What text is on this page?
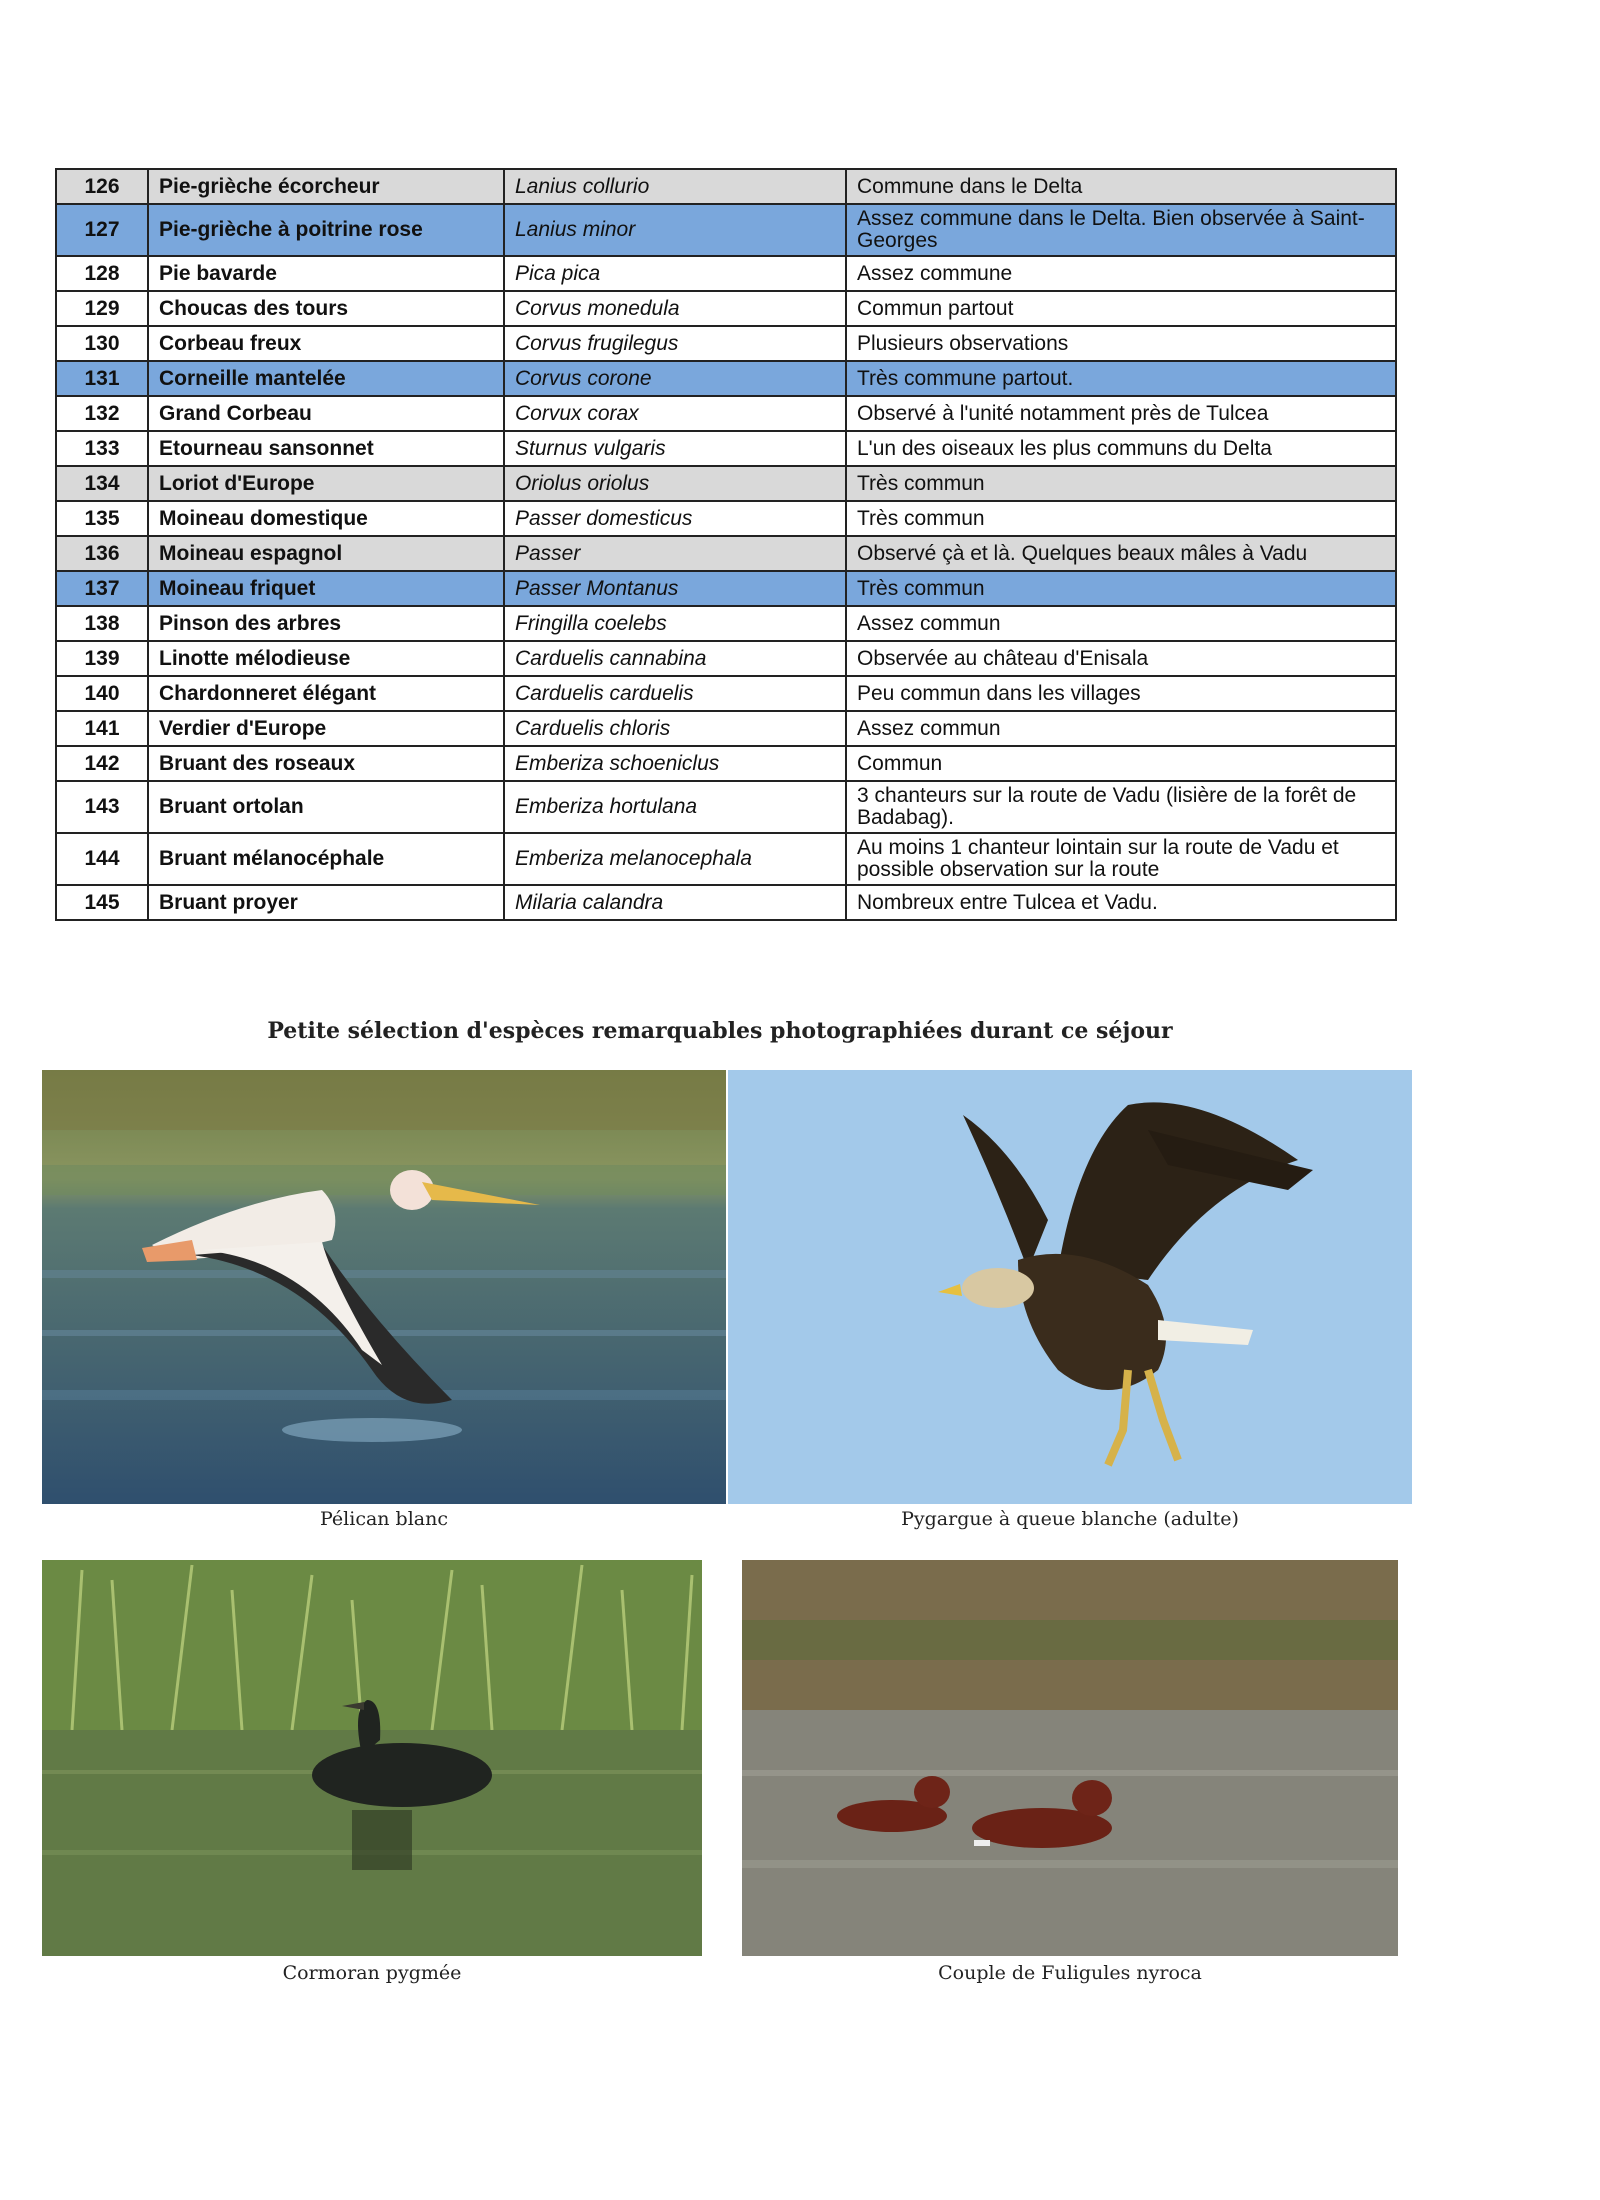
126	Pie-grièche écorcheur	Lanius collurio	Commune dans le Delta
127	Pie-grièche à poitrine rose	Lanius minor	Assez commune dans le Delta. Bien observée à Saint-Georges
128	Pie bavarde	Pica pica	Assez commune
129	Choucas des tours	Corvus monedula	Commun partout
130	Corbeau freux	Corvus frugilegus	Plusieurs observations
131	Corneille mantelée	Corvus corone	Très commune partout.
132	Grand Corbeau	Corvux corax	Observé à l'unité notamment près de Tulcea
133	Etourneau sansonnet	Sturnus vulgaris	L'un des oiseaux les plus communs du Delta
134	Loriot d'Europe	Oriolus oriolus	Très commun
135	Moineau domestique	Passer domesticus	Très commun
136	Moineau espagnol	Passer	Observé çà et là. Quelques beaux mâles à Vadu
137	Moineau friquet	Passer Montanus	Très commun
138	Pinson des arbres	Fringilla coelebs	Assez commun
139	Linotte mélodieuse	Carduelis cannabina	Observée au château d'Enisala
140	Chardonneret élégant	Carduelis carduelis	Peu commun dans les villages
141	Verdier d'Europe	Carduelis chloris	Assez commun
142	Bruant des roseaux	Emberiza schoeniclus	Commun
143	Bruant ortolan	Emberiza hortulana	3 chanteurs sur la route de Vadu (lisière de la forêt de Badabag).
144	Bruant mélanocéphale	Emberiza melanocephala	Au moins 1 chanteur lointain sur la route de Vadu et possible observation sur la route
145	Bruant proyer	Milaria calandra	Nombreux entre Tulcea et Vadu.
Petite sélection d'espèces remarquables photographiées durant ce séjour
Pélican blanc	Pygargue à queue blanche (adulte)
Cormoran pygmée	Couple de Fuligules nyroca
